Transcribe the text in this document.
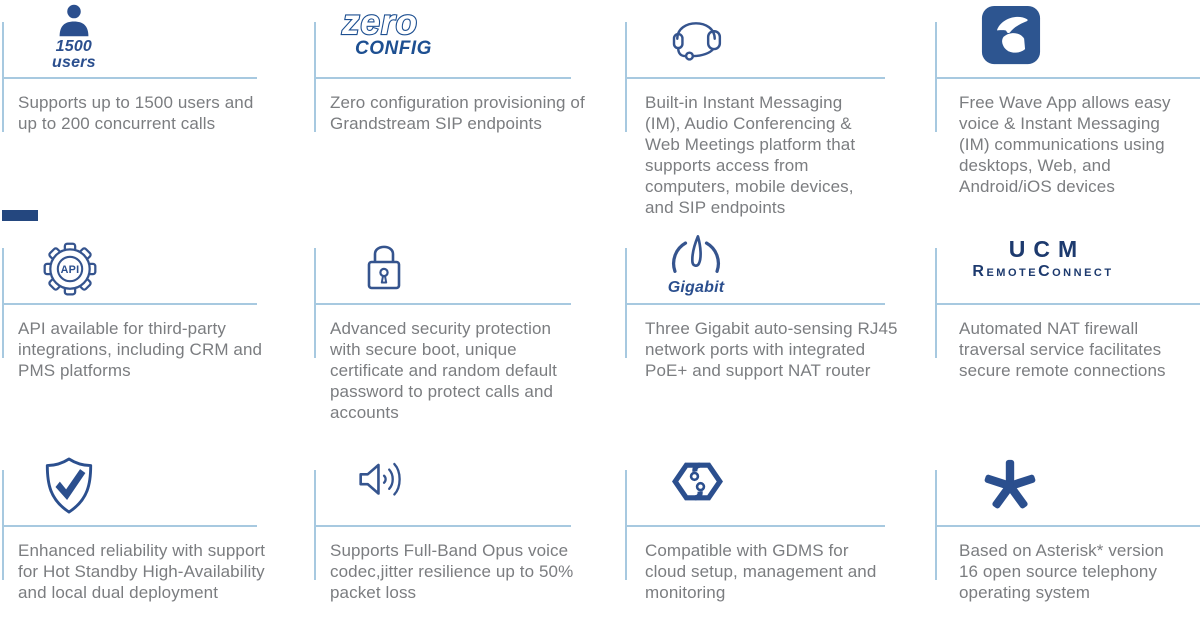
1500
users
Supports up to 1500 users and up to 200 concurrent calls
zero
CONFIG
Zero configuration provisioning of Grandstream SIP endpoints
Built-in Instant Messaging (IM), Audio Conferencing & Web Meetings platform that supports access from computers, mobile devices, and SIP endpoints
Free Wave App allows easy voice & Instant Messaging (IM) communications using desktops, Web, and Android/iOS devices
API
API available for third-party integrations, including CRM and PMS platforms
Advanced security protection with secure boot, unique certificate and random default password to protect calls and accounts
Gigabit
Three Gigabit auto-sensing RJ45 network ports with integrated PoE+ and support NAT router
UCM
RemoteConnect
Automated NAT firewall traversal service facilitates secure remote connections
Enhanced reliability with support for Hot Standby High-Availability and local dual deployment
Supports Full-Band Opus voice codec,jitter resilience up to 50% packet loss
Compatible with GDMS for cloud setup, management and monitoring
Based on Asterisk* version 16 open source telephony operating system
